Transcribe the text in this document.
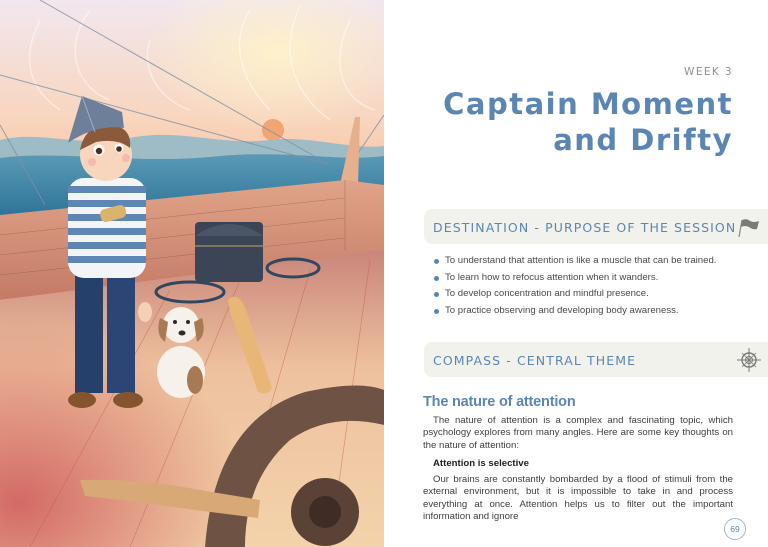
WEEK 3
Captain Moment and Drifty
DESTINATION - PURPOSE OF THE SESSION
To understand that attention is like a muscle that can be trained.
To learn how to refocus attention when it wanders.
To develop concentration and mindful presence.
To practice observing and developing body awareness.
COMPASS - CENTRAL THEME
The nature of attention

The nature of attention is a complex and fascinating topic, which psychology explores from many angles. Here are some key thoughts on the nature of attention:

Attention is selective

Our brains are constantly bombarded by a flood of stimuli from the external environment, but it is impossible to take in and process everything at once. Attention helps us to filter out the important information and ignore

69
